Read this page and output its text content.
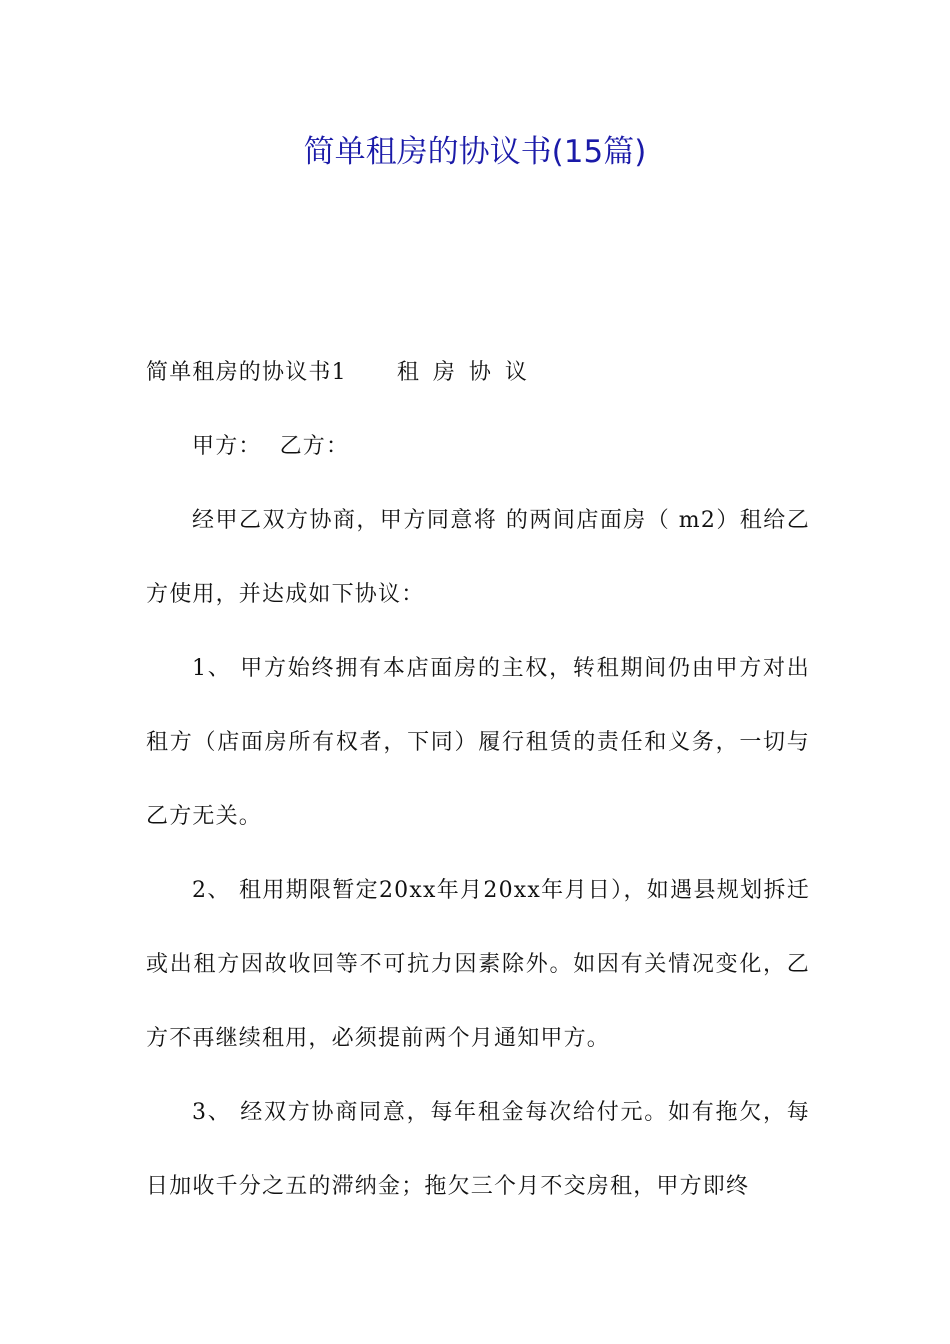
简单租房的协议书(15篇)

简单租房的协议书1 租房协议

甲方： 乙方：

经甲乙双方协商，甲方同意将 的两间店面房（ m2）租给乙方使用，并达成如下协议：

1、 甲方始终拥有本店面房的主权，转租期间仍由甲方对出租方（店面房所有权者，下同）履行租赁的责任和义务，一切与乙方无关。

2、 租用期限暂定20xx年月20xx年月日），如遇县规划拆迁或出租方因故收回等不可抗力因素除外。如因有关情况变化，乙方不再继续租用，必须提前两个月通知甲方。

3、 经双方协商同意，每年租金每次给付元。如有拖欠，每日加收千分之五的滞纳金；拖欠三个月不交房租，甲方即终
